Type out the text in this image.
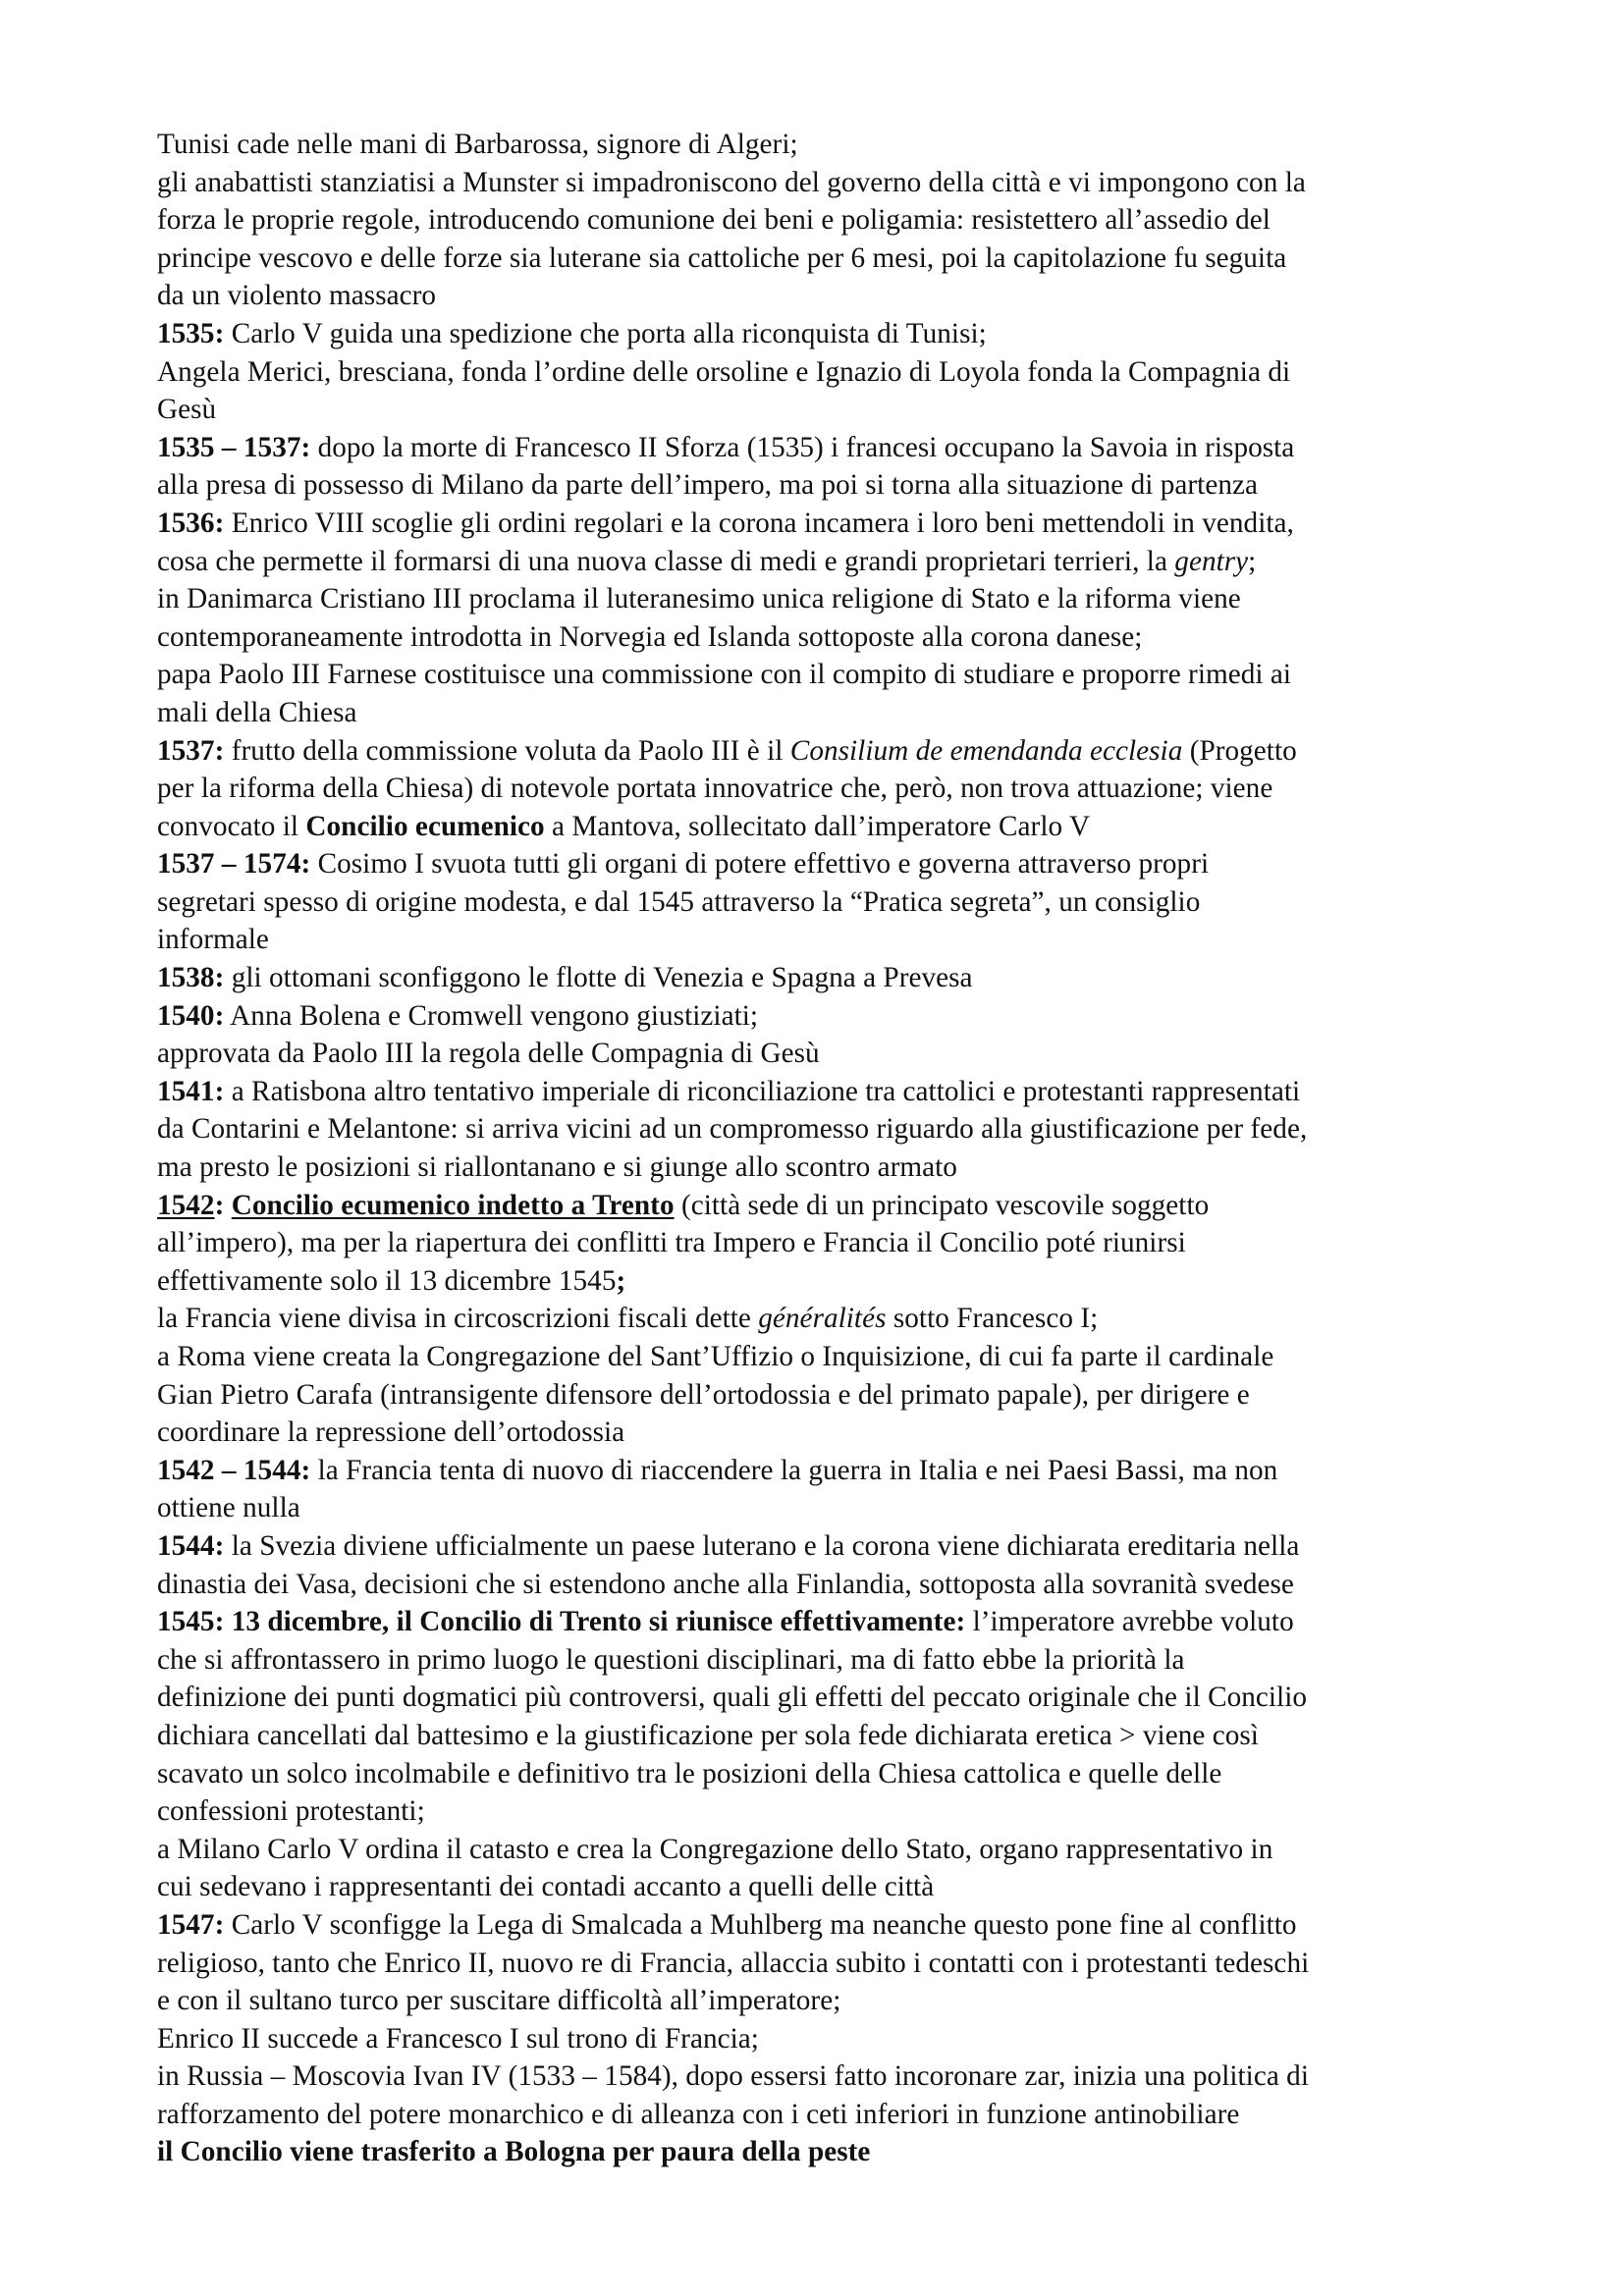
Tunisi cade nelle mani di Barbarossa, signore di Algeri;
gli anabattisti stanziatisi a Munster si impadroniscono del governo della città e vi impongono con la
forza le proprie regole, introducendo comunione dei beni e poligamia: resistettero all’assedio del
principe vescovo e delle forze sia luterane sia cattoliche per 6 mesi, poi la capitolazione fu seguita
da un violento massacro
1535: Carlo V guida una spedizione che porta alla riconquista di Tunisi;
Angela Merici, bresciana, fonda l’ordine delle orsoline e Ignazio di Loyola fonda la Compagnia di
Gesù
1535 – 1537: dopo la morte di Francesco II Sforza (1535) i francesi occupano la Savoia in risposta
alla presa di possesso di Milano da parte dell’impero, ma poi si torna alla situazione di partenza
1536: Enrico VIII scoglie gli ordini regolari e la corona incamera i loro beni mettendoli in vendita,
cosa che permette il formarsi di una nuova classe di medi e grandi proprietari terrieri, la gentry;
in Danimarca Cristiano III proclama il luteranesimo unica religione di Stato e la riforma viene
contemporaneamente introdotta in Norvegia ed Islanda sottoposte alla corona danese;
papa Paolo III Farnese costituisce una commissione con il compito di studiare e proporre rimedi ai
mali della Chiesa
1537: frutto della commissione voluta da Paolo III è il Consilium de emendanda ecclesia (Progetto
per la riforma della Chiesa) di notevole portata innovatrice che, però, non trova attuazione; viene
convocato il Concilio ecumenico a Mantova, sollecitato dall’imperatore Carlo V
1537 – 1574: Cosimo I svuota tutti gli organi di potere effettivo e governa attraverso propri
segretari spesso di origine modesta, e dal 1545 attraverso la “Pratica segreta”, un consiglio
informale
1538: gli ottomani sconfiggono le flotte di Venezia e Spagna a Prevesa
1540: Anna Bolena e Cromwell vengono giustiziati;
approvata da Paolo III la regola delle Compagnia di Gesù
1541: a Ratisbona altro tentativo imperiale di riconciliazione tra cattolici e protestanti rappresentati
da Contarini e Melantone: si arriva vicini ad un compromesso riguardo alla giustificazione per fede,
ma presto le posizioni si riallontanano e si giunge allo scontro armato
1542: Concilio ecumenico indetto a Trento (città sede di un principato vescovile soggetto
all’impero), ma per la riapertura dei conflitti tra Impero e Francia il Concilio poté riunirsi
effettivamente solo il 13 dicembre 1545;
la Francia viene divisa in circoscrizioni fiscali dette généralités sotto Francesco I;
a Roma viene creata la Congregazione del Sant’Uffizio o Inquisizione, di cui fa parte il cardinale
Gian Pietro Carafa (intransigente difensore dell’ortodossia e del primato papale), per dirigere e
coordinare la repressione dell’ortodossia
1542 – 1544: la Francia tenta di nuovo di riaccendere la guerra in Italia e nei Paesi Bassi, ma non
ottiene nulla
1544: la Svezia diviene ufficialmente un paese luterano e la corona viene dichiarata ereditaria nella
dinastia dei Vasa, decisioni che si estendono anche alla Finlandia, sottoposta alla sovranità svedese
1545: 13 dicembre, il Concilio di Trento si riunisce effettivamente: l’imperatore avrebbe voluto
che si affrontassero in primo luogo le questioni disciplinari, ma di fatto ebbe la priorità la
definizione dei punti dogmatici più controversi, quali gli effetti del peccato originale che il Concilio
dichiara cancellati dal battesimo e la giustificazione per sola fede dichiarata eretica > viene così
scavato un solco incolmabile e definitivo tra le posizioni della Chiesa cattolica e quelle delle
confessioni protestanti;
a Milano Carlo V ordina il catasto e crea la Congregazione dello Stato, organo rappresentativo in
cui sedevano i rappresentanti dei contadi accanto a quelli delle città
1547: Carlo V sconfigge la Lega di Smalcada a Muhlberg ma neanche questo pone fine al conflitto
religioso, tanto che Enrico II, nuovo re di Francia, allaccia subito i contatti con i protestanti tedeschi
e con il sultano turco per suscitare difficoltà all’imperatore;
Enrico II succede a Francesco I sul trono di Francia;
in Russia – Moscovia Ivan IV (1533 – 1584), dopo essersi fatto incoronare zar, inizia una politica di
rafforzamento del potere monarchico e di alleanza con i ceti inferiori in funzione antinobiliare
il Concilio viene trasferito a Bologna per paura della peste
